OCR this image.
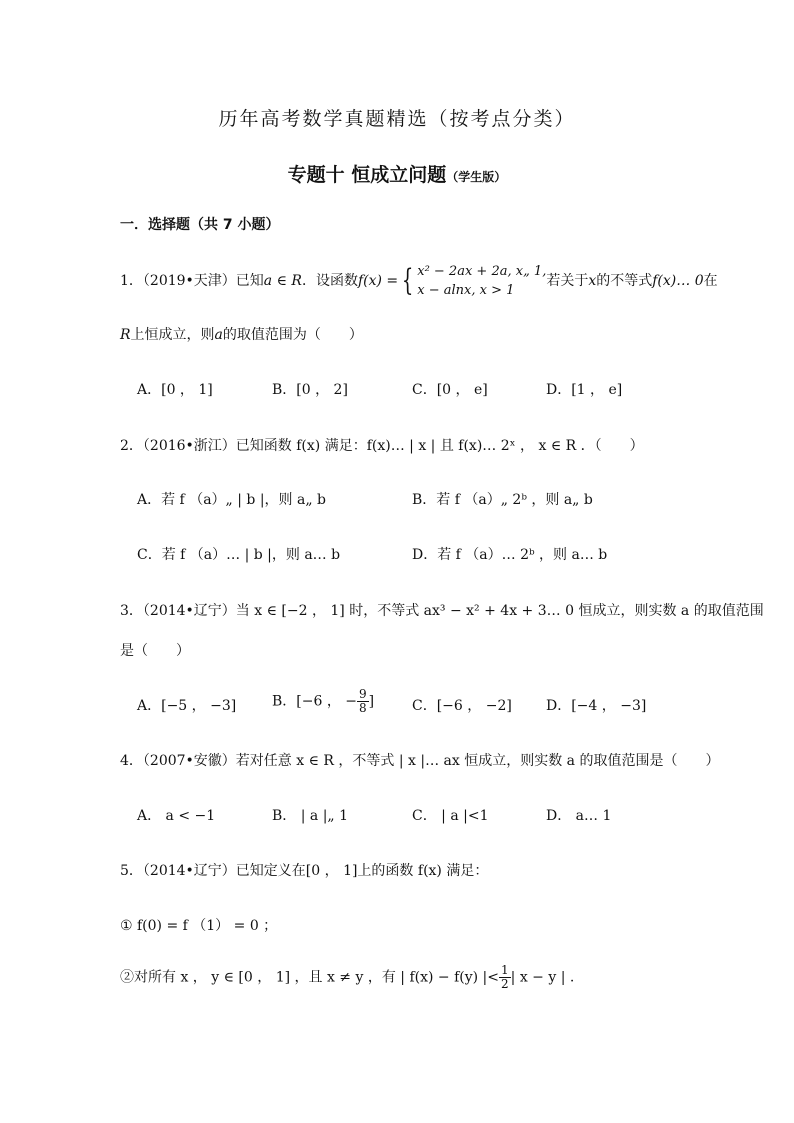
历年高考数学真题精选（按考点分类）
专题十 恒成立问题（学生版）
一．选择题（共 7 小题）
1．（2019•天津）已知a ∈ R．设函数f(x) = { x² − 2ax + 2a, x„ 1,
x − alnx, x > 1
若关于x的不等式f(x)… 0在
R上恒成立，则a的取值范围为（　　）
A．[0 ， 1]	B．[0 ， 2]	C．[0 ， e]	D．[1 ， e]
2．（2016•浙江）已知函数 f(x) 满足：f(x)… | x | 且 f(x)… 2ˣ ， x ∈ R ．（　　）
A．若 f （a）„ | b |，则 a„ b	B．若 f （a）„ 2ᵇ ，则 a„ b
C．若 f （a）… | b |，则 a… b	D．若 f （a）… 2ᵇ ，则 a… b
3．（2014•辽宁）当 x ∈ [−2 ， 1] 时，不等式 ax³ − x² + 4x + 3… 0 恒成立，则实数 a 的取值范围
是（　　）
A．[−5 ， −3]	B．[−6 ， − $\frac{9}{8}$ ]	C．[−6 ， −2] D．[−4 ， −3]
4．（2007•安徽）若对任意 x ∈ R ，不等式 | x |… ax 恒成立，则实数 a 的取值范围是（　　）
A． a < −1	B． | a |„ 1	C． | a |<1	D． a… 1
5．（2014•辽宁）已知定义在[0 ， 1]上的函数 f(x) 满足：
① f(0) = f （1） = 0 ；
②对所有 x ， y ∈ [0 ， 1] ，且 x ≠ y ，有 | f(x) − f(y) |< $\frac{1}{2}$ | x − y | .
